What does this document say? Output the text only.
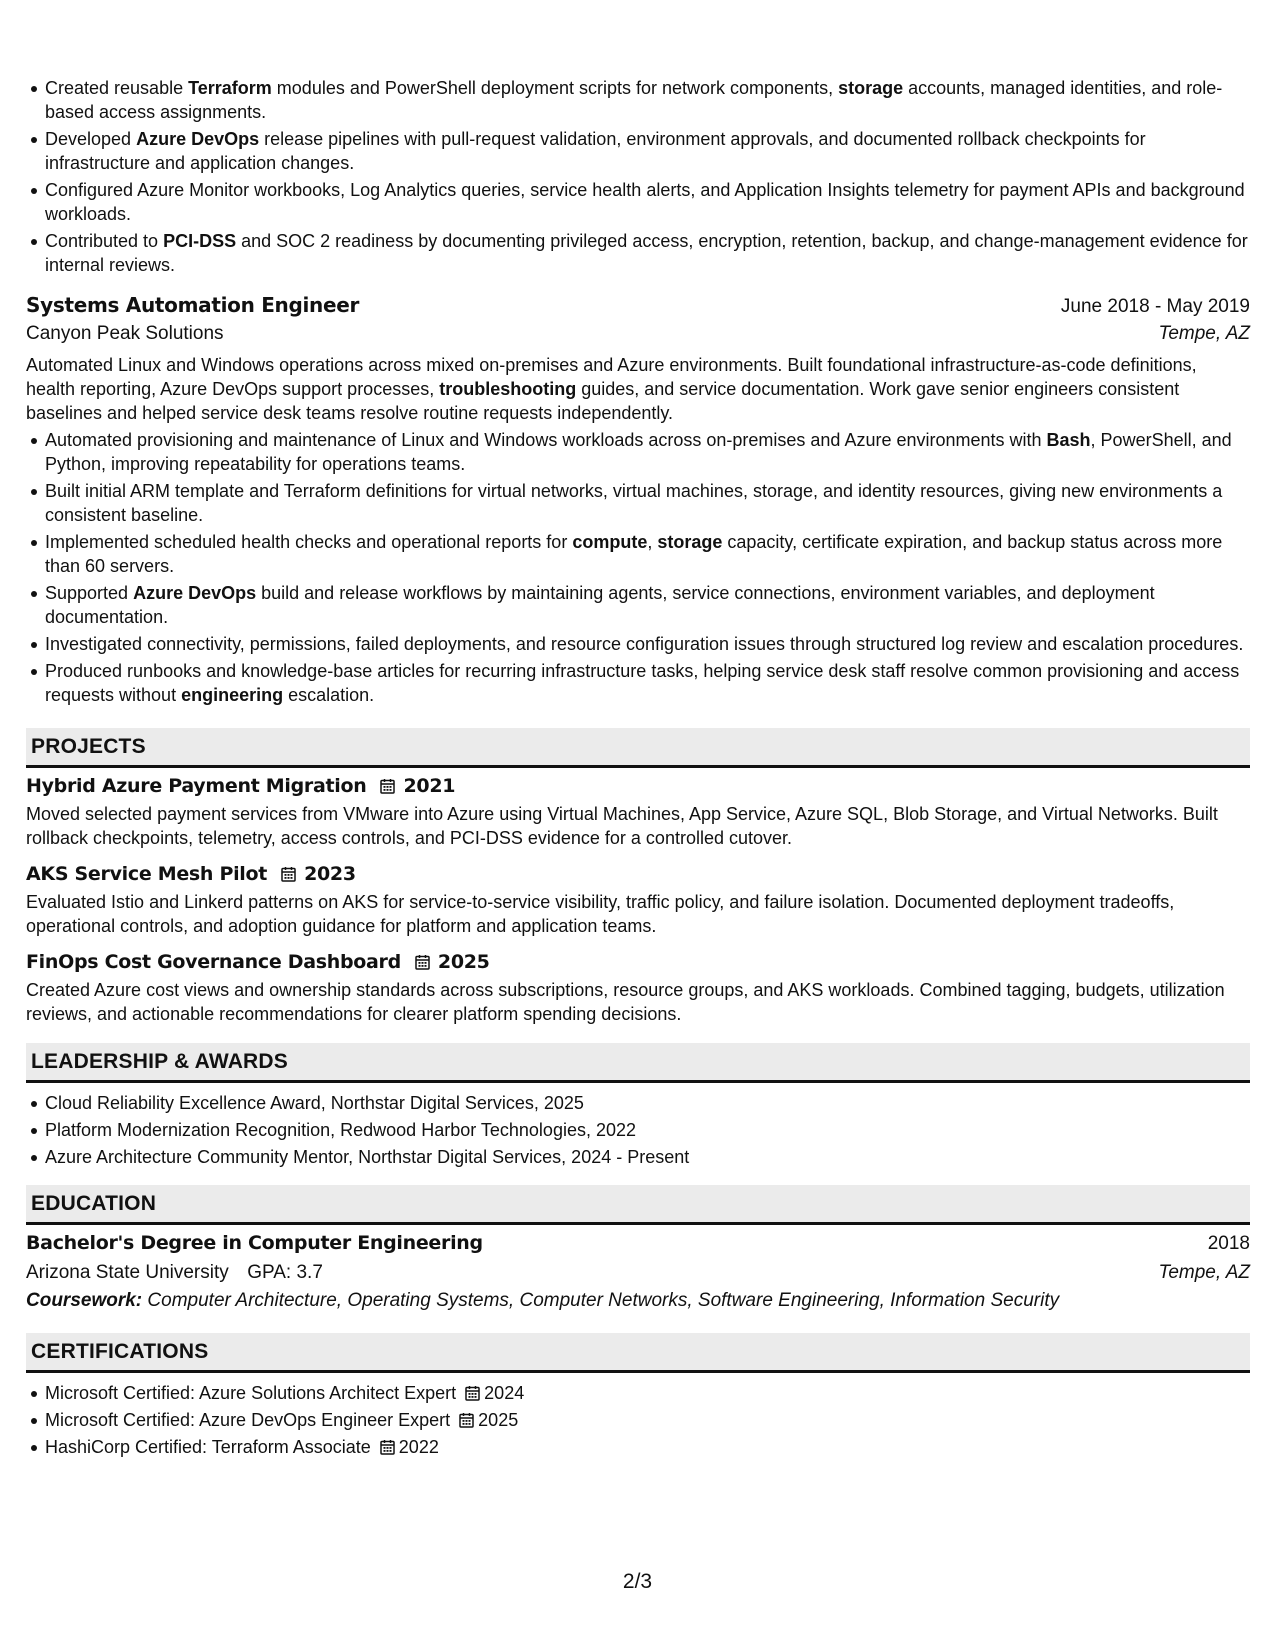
Created reusable Terraform modules and PowerShell deployment scripts for network components, storage accounts, managed identities, and role-based access assignments.
Developed Azure DevOps release pipelines with pull-request validation, environment approvals, and documented rollback checkpoints for infrastructure and application changes.
Configured Azure Monitor workbooks, Log Analytics queries, service health alerts, and Application Insights telemetry for payment APIs and background workloads.
Contributed to PCI-DSS and SOC 2 readiness by documenting privileged access, encryption, retention, backup, and change-management evidence for internal reviews.
Systems Automation Engineer	June 2018 - May 2019
Canyon Peak Solutions	Tempe, AZ
Automated Linux and Windows operations across mixed on-premises and Azure environments. Built foundational infrastructure-as-code definitions, health reporting, Azure DevOps support processes, troubleshooting guides, and service documentation. Work gave senior engineers consistent baselines and helped service desk teams resolve routine requests independently.
Automated provisioning and maintenance of Linux and Windows workloads across on-premises and Azure environments with Bash, PowerShell, and Python, improving repeatability for operations teams.
Built initial ARM template and Terraform definitions for virtual networks, virtual machines, storage, and identity resources, giving new environments a consistent baseline.
Implemented scheduled health checks and operational reports for compute, storage capacity, certificate expiration, and backup status across more than 60 servers.
Supported Azure DevOps build and release workflows by maintaining agents, service connections, environment variables, and deployment documentation.
Investigated connectivity, permissions, failed deployments, and resource configuration issues through structured log review and escalation procedures.
Produced runbooks and knowledge-base articles for recurring infrastructure tasks, helping service desk staff resolve common provisioning and access requests without engineering escalation.
PROJECTS
Hybrid Azure Payment Migration 2021
Moved selected payment services from VMware into Azure using Virtual Machines, App Service, Azure SQL, Blob Storage, and Virtual Networks. Built rollback checkpoints, telemetry, access controls, and PCI-DSS evidence for a controlled cutover.
AKS Service Mesh Pilot 2023
Evaluated Istio and Linkerd patterns on AKS for service-to-service visibility, traffic policy, and failure isolation. Documented deployment tradeoffs, operational controls, and adoption guidance for platform and application teams.
FinOps Cost Governance Dashboard 2025
Created Azure cost views and ownership standards across subscriptions, resource groups, and AKS workloads. Combined tagging, budgets, utilization reviews, and actionable recommendations for clearer platform spending decisions.
LEADERSHIP & AWARDS
Cloud Reliability Excellence Award, Northstar Digital Services, 2025
Platform Modernization Recognition, Redwood Harbor Technologies, 2022
Azure Architecture Community Mentor, Northstar Digital Services, 2024 - Present
EDUCATION
Bachelor's Degree in Computer Engineering	2018
Arizona State University GPA: 3.7	Tempe, AZ
Coursework: Computer Architecture, Operating Systems, Computer Networks, Software Engineering, Information Security
CERTIFICATIONS
Microsoft Certified: Azure Solutions Architect Expert
2024
Microsoft Certified: Azure DevOps Engineer Expert
2025
HashiCorp Certified: Terraform Associate
2022
2/3
